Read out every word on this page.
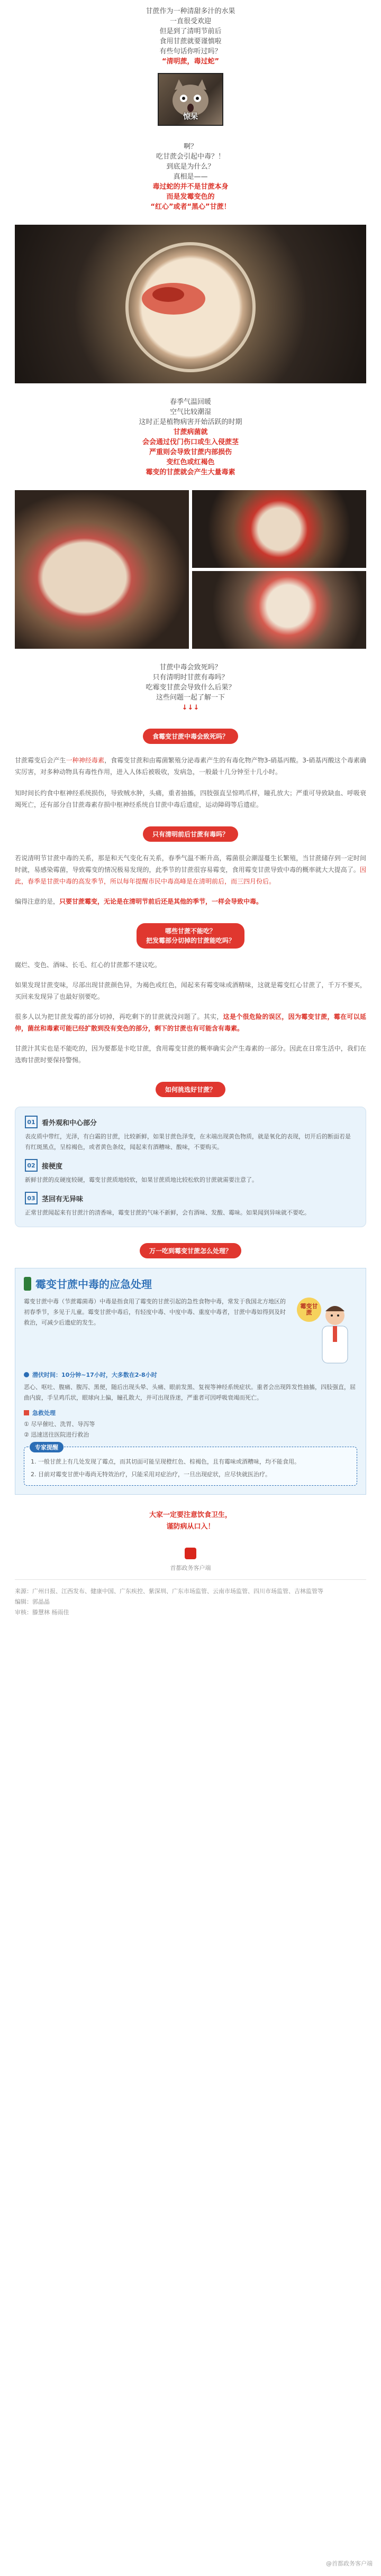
甘蔗作为一种清甜多汁的水果
一直很受欢迎
但是到了清明节前后
食用甘蔗就要谨慎啦
有些句话你听过吗？
“清明蔗，毒过蛇”
惊呆
啊？
吃甘蔗会引起中毒？！
到底是为什么？
真相是——
毒过蛇的并不是甘蔗本身
而是发霉变色的
“红心”或者“黑心”甘蔗！
春季气温回暖
空气比较潮湿
这时正是植物病害开始活跃的时期
甘蔗病菌就
会会通过伐门伤口或生入侵蔗茎
严重则会导致甘蔗内部损伤
变红色或红褐色
霉变的甘蔗就会产生大量毒素
甘蔗中毒会致死吗？
只有清明时甘蔗有毒吗？
吃霉变甘蔗会导致什么后果？
这些问题一起了解一下
↓↓↓
食霉变甘蔗中毒会致死吗？
甘蔗霉变后会产生一种神经毒素，食霉变甘蔗和由霉菌繁殖分泌毒素产生的有毒化物产物3-硝基丙酸。3-硝基丙酸这个毒素确实厉害，对多种动物具有毒性作用，进入人体后被吸收，发病急，一般最十几分钟至十几小时。
知时间长约食中枢神经系统损伤，导致贼水肿，头痛，重者抽搐，四肢强直呈惊鸣爪样，瞳孔放大；严重可导致缺血、呼吸衰竭死亡，还有部分自甘蔗毒素存损中枢神经系统自甘蔗中毒后遗症，运动障碍等后遗症。
只有清明前后甘蔗有毒吗？
若说清明节甘蔗中毒的关系，那是和天气变化有关系，春季气温不断升高，霉菌很会潮湿蔓生长繁殖，当甘蔗储存到一定时间时就，易感染霉菌，导致霉变的情况极易发现的，此季节的甘蔗很容易霉变，食用霉变甘蔗导致中毒的概率就大大提高了。因此，春季是甘蔗中毒的高发季节，所以每年提醒市民中毒高峰是在清明前后，而三四月份后。
编得注意的是，只要甘蔗霉变，无论是在清明节前后还是其他的季节，一样会导致中毒。
哪些甘蔗不能吃？
把发霉部分切掉的甘蔗能吃吗？
腐烂、变色、酒味、长毛、红心的甘蔗都不建议吃。
如果发现甘蔗变味，尽部出现甘蔗颜色异，为褐色或红色，闻起来有霉变味或酒精味，这就是霉变红心甘蔗了，千万不要买，买回来发现异了也最好别要吃。
很多人以为把甘蔗发霉的部分切掉，再吃剩下的甘蔗就没问题了。其实，这是个很危险的误区，因为霉变甘蔗，霉在可以延伸，菌丝和毒素可能已经扩散到没有变色的部分，剩下的甘蔗也有可能含有毒素。
甘蔗汁其实也是不能吃的，因为要都是卡吃甘蔗，食用霉变甘蔗的概率确实会产生毒素的一部分。因此在日常生活中，我们在选购甘蔗时要保持警惕。
如何挑选好甘蔗？
01 看外观和中心部分
表皮质中带红，光泽，有白霜的甘蔗，比较新鲜，如果甘蔗色泽变，在末端出现黄色物质，就是氧化的表现，切开后的断面若是有红斑黑点，呈棕褐色，或者黄色条纹，闻起来有酒糟味、酸味，不要购买。
02 接梗度
新鲜甘蔗的皮硬度较硬，霉变甘蔗质地较软，如果甘蔗质地比较松软的甘蔗就需要注意了。
03 茎回有无异味
正常甘蔗闻起来有甘蔗汁的清香味，霉变甘蔗的气味不新鲜，会有酒味、发酸、霉味。如果闻到异味就不要吃。
万一吃到霉变甘蔗怎么处理？
霉变甘蔗中毒的应急处理
霉变甘蔗中毒（节蔗霉菌毒）中毒是指食用了霉变的甘蔗引起的急性食物中毒，常发于我国北方地区的初春季节，多见于儿童。霉变甘蔗中毒后，有轻度中毒、中度中毒、重度中毒者，甘蔗中毒如得到及时救治，可减少后遗症的发生。
霉变甘蔗
潜伏时间：10分钟~17小时，大多数在2-8小时
恶心、呕吐、腹痛、腹泻、黑便，随后出现头晕、头痛、眼前发黑、复视等神经系统症状。重者会出现阵发性抽搐，四肢强直，屈曲内旋，手呈鸡爪状，眼球向上偏，瞳孔散大，并可出现昏迷，严重者可因呼吸衰竭而死亡。
急救处理
① 尽早催吐、洗胃、导泻等
② 迅速送往医院进行救治
专家提醒
1. 一般甘蔗上有几处发现了霉点，而其切面可能呈现橙红色、棕褐色，且有霉味或酒糟味，均不能食用。
2. 目前对霉变甘蔗中毒尚无特效治疗，只能采用对症治疗，一旦出现症状，应尽快就医治疗。
大家一定要注意饮食卫生，
谨防病从口入！
首都政务客户端
来源：广州日报、江西发布、健康中国、广东疾控、紫深圳、广东市场监管、云南市场监管、四川市场监管、吉林监管等
编辑：郭晶晶
审核：滕慧林 杨雨佳
@首都政务客户端
